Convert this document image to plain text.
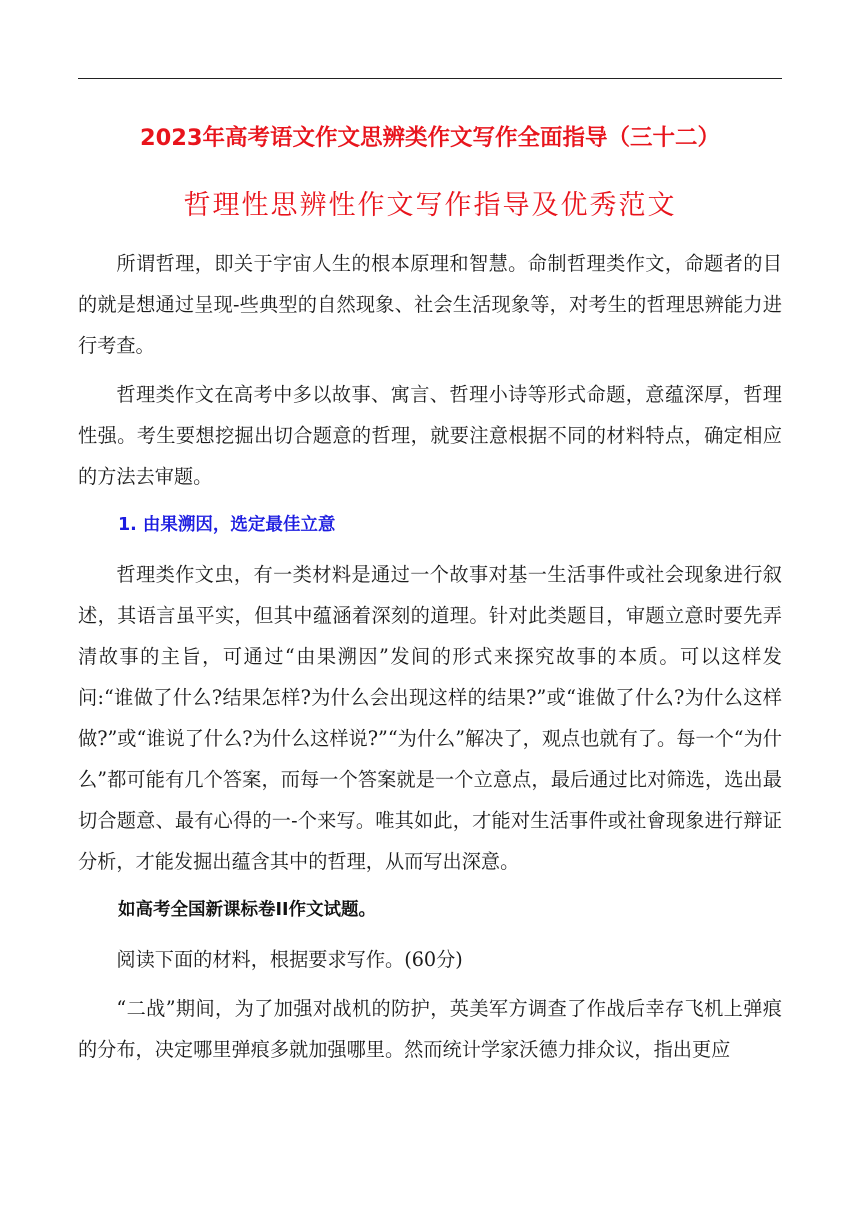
2023年高考语文作文思辨类作文写作全面指导（三十二）
哲理性思辨性作文写作指导及优秀范文

所谓哲理，即关于宇宙人生的根本原理和智慧。命制哲理类作文，命题者的目的就是想通过呈现-些典型的自然现象、社会生活现象等，对考生的哲理思辨能力进行考查。

哲理类作文在高考中多以故事、寓言、哲理小诗等形式命题，意蕴深厚，哲理性强。考生要想挖掘出切合题意的哲理，就要注意根据不同的材料特点，确定相应的方法去审题。

1. 由果溯因，选定最佳立意

哲理类作文虫，有一类材料是通过一个故事对基一生活事件或社会现象进行叙述，其语言虽平实，但其中蕴涵着深刻的道理。针对此类题目，审题立意时要先弄清故事的主旨，可通过“由果溯因”发间的形式来探究故事的本质。可以这样发问:“谁做了什么?结果怎样?为什么会出现这样的结果?”或“谁做了什么?为什么这样做?”或“谁说了什么?为什么这样说?”“为什么”解决了，观点也就有了。每一个“为什么”都可能有几个答案，而每一个答案就是一个立意点，最后通过比对筛选，选出最切合题意、最有心得的一-个来写。唯其如此，才能对生活事件或社會现象进行辩证分析，才能发掘出蕴含其中的哲理，从而写出深意。

如高考全国新课标卷II作文试题。

阅读下面的材料，根据要求写作。(60分)

“二战”期间，为了加强对战机的防护，英美军方调查了作战后幸存飞机上弹痕的分布，决定哪里弹痕多就加强哪里。然而统计学家沃德力排众议，指出更应
